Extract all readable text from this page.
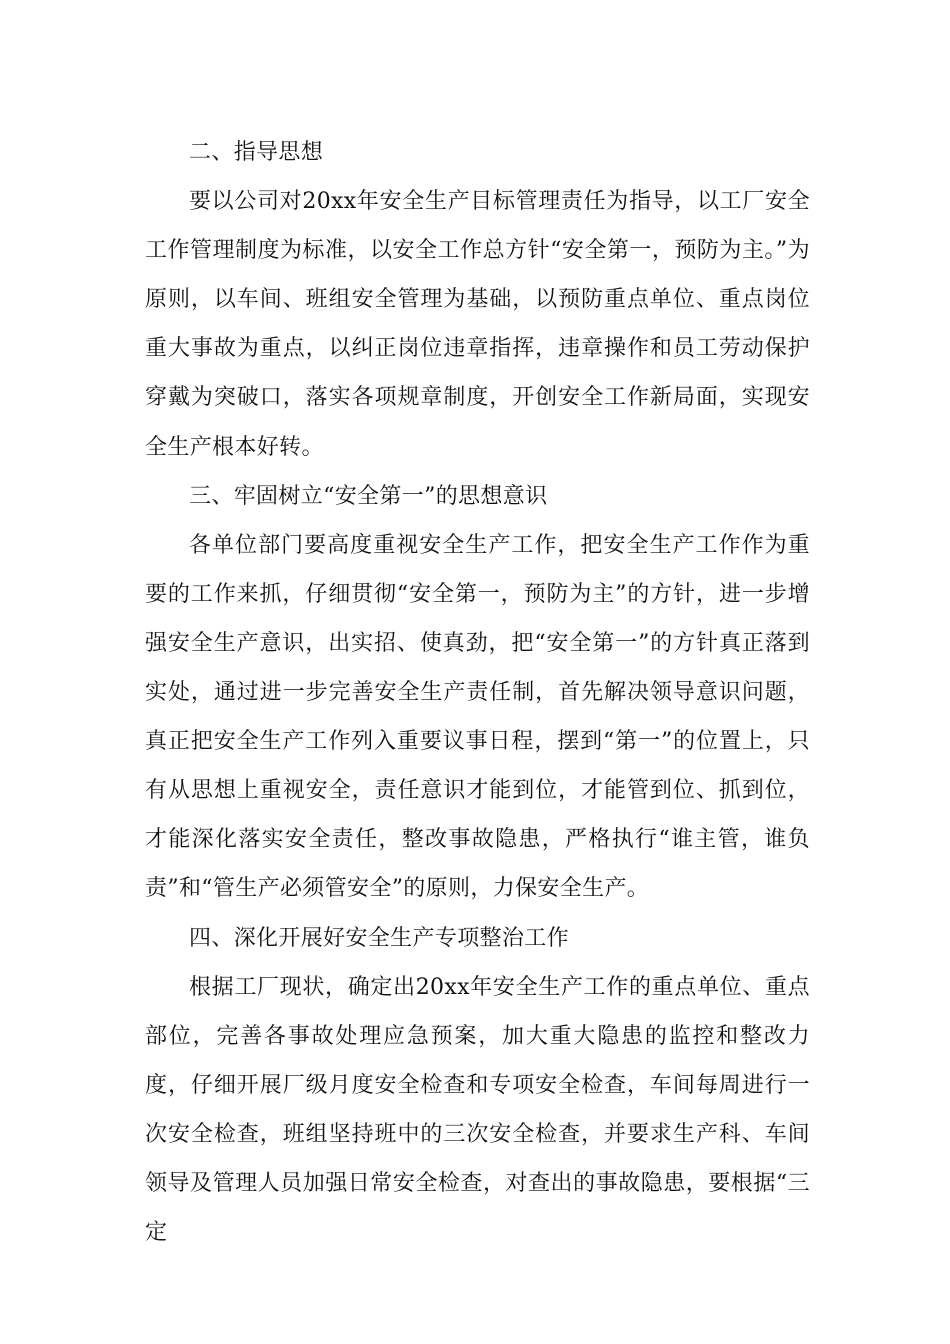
二、指导思想

要以公司对20xx年安全生产目标管理责任为指导，以工厂安全工作管理制度为标准，以安全工作总方针“安全第一，预防为主。”为原则，以车间、班组安全管理为基础，以预防重点单位、重点岗位重大事故为重点，以纠正岗位违章指挥，违章操作和员工劳动保护穿戴为突破口，落实各项规章制度，开创安全工作新局面，实现安全生产根本好转。

三、牢固树立“安全第一”的思想意识

各单位部门要高度重视安全生产工作，把安全生产工作作为重要的工作来抓，仔细贯彻“安全第一，预防为主”的方针，进一步增强安全生产意识，出实招、使真劲，把“安全第一”的方针真正落到实处，通过进一步完善安全生产责任制，首先解决领导意识问题，真正把安全生产工作列入重要议事日程，摆到“第一”的位置上，只有从思想上重视安全，责任意识才能到位，才能管到位、抓到位，才能深化落实安全责任，整改事故隐患，严格执行“谁主管，谁负责”和“管生产必须管安全”的原则，力保安全生产。

四、深化开展好安全生产专项整治工作

根据工厂现状，确定出20xx年安全生产工作的重点单位、重点部位，完善各事故处理应急预案，加大重大隐患的监控和整改力度，仔细开展厂级月度安全检查和专项安全检查，车间每周进行一次安全检查，班组坚持班中的三次安全检查，并要求生产科、车间领导及管理人员加强日常安全检查，对查出的事故隐患，要根据“三定
